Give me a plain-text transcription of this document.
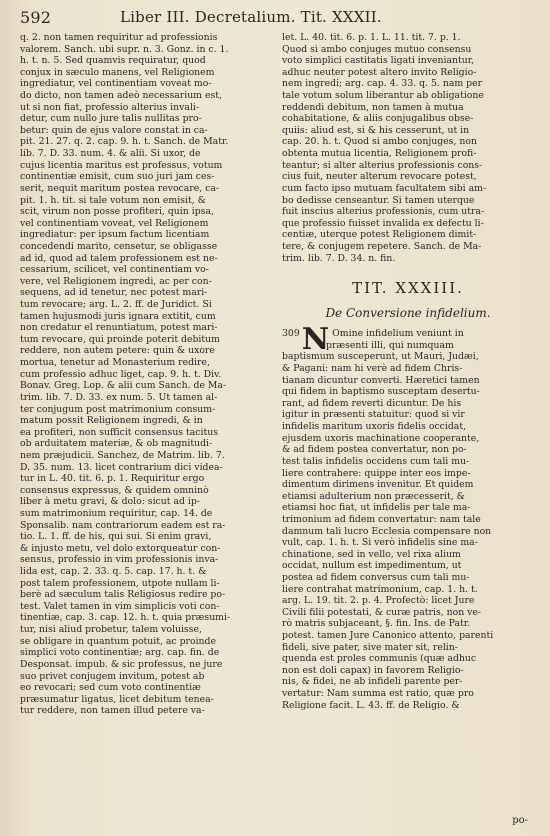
592	Liber III. Decretalium. Tit. XXXII.
q. 2. non tamen requiritur ad professionis
valorem. Sanch. ubi supr. n. 3. Gonz. in c. 1.
h. t. n. 5. Sed quamvis requiratur, quod
conjux in sæculo manens, vel Religionem
ingrediatur, vel continentiam voveat mo-
do dicto, non tamen adeò necessarium est,
ut si non fiat, professio alterius invali-
detur, cum nullo jure talis nullitas pro-
betur: quin de ejus valore constat in ca-
pit. 21. 27. q. 2. cap. 9. h. t. Sanch. de Matr.
lib. 7. D. 33. num. 4. & alii. Si uxor, de
cujus licentia maritus est professus, votum
continentiæ emisit, cum suo juri jam ces-
serit, nequit maritum postea revocare, ca-
pit. 1. h. tit. si tale votum non emisit, &
scit, virum non posse profiteri, quin ipsa,
vel continentiam voveat, vel Religionem
ingrediatur: per ipsum factum licentiam
concedendi marito, censetur, se obligasse
ad id, quod ad talem professionem est ne-
cessarium, scilicet, vel continentiam vo-
vere, vel Religionem ingredi, ac per con-
sequens, ad id tenetur, nec potest mari-
tum revocare; arg. L. 2. ff. de Juridict. Si
tamen hujusmodi juris ignara extitit, cum
non credatur el renuntiatum, potest mari-
tum revocare, qui proinde poterit debitum
reddere, non autem petere: quin & uxore
mortua, tenetur ad Monasterium redire,
cum professio adhuc liget, cap. 9. h. t. Div.
Bonav. Greg. Lop. & alii cum Sanch. de Ma-
trim. lib. 7. D. 33. ex num. 5. Ut tamen al-
ter conjugum post matrimonium consum-
matum possit Religionem ingredi, & in
ea profiteri, non sufficit consensus tacitus
ob arduitatem materiæ, & ob magnitudi-
nem præjudicii. Sanchez, de Matrim. lib. 7.
D. 35. num. 13. licet contrarium dici videa-
tur in L. 40. tit. 6. p. 1. Requiritur ergo
consensus expressus, & quidem omninò
liber à metu gravi, & dolo: sicut ad ip-
sum matrimonium requiritur, cap. 14. de
Sponsalib. nam contrariorum eadem est ra-
tio. L. 1. ff. de his, qui sui. Si enim gravi,
& injusto metu, vel dolo extorqueatur con-
sensus, professio in vim professionis inva-
lida est, cap. 2. 33. q. 5. cap. 17. h. t. &
post talem professionem, utpote nullam li-
berè ad sæculum talis Religiosus redire po-
test. Valet tamen in vim simplicis voti con-
tinentiæ, cap. 3. cap. 12. h. t. quia præsumi-
tur, nisi aliud probetur, talem voluisse,
se obligare in quantum potuit, ac proinde
simplici voto continentiæ; arg. cap. fin. de
Desponsat. impub. & sic professus, ne jure
suo privet conjugem invitum, potest ab
eo revocari; sed cum voto continentiæ
præsumatur ligatus, licet debitum tenea-
tur reddere, non tamen illud petere va-
let. L. 40. tit. 6. p. 1. L. 11. tit. 7. p. 1.
Quod si ambo conjuges mutuo consensu
voto simplici castitatis ligati inveniantur,
adhuc neuter potest altero invito Religio-
nem ingredi; arg. cap. 4. 33. q. 5. nam per
tale votum solum liberantur ab obligatione
reddendi debitum, non tamen à mutua
cohabitatione, & aliis conjugalibus obse-
quiis: aliud est, si & his cesserunt, ut in
cap. 20. h. t. Quod si ambo conjuges, non
obtenta mutua licentia, Religionem profi-
teantur; si alter alterius professionis cons-
cius fuit, neuter alterum revocare potest,
cum facto ipso mutuam facultatem sibi am-
bo dedisse censeantur. Si tamen uterque
fuit inscius alterius professionis, cum utra-
que professio fuisset invalida ex defectu li-
centiæ, uterque potest Religionem dimit-
tere, & conjugem repetere. Sanch. de Ma-
trim. lib. 7. D. 34. n. fin.
TIT. XXXIII.
De Conversione infidelium.
309N Omine infidelium veniunt in
præsenti illi, qui numquam
baptismum susceperunt, ut Mauri, Judæi,
& Pagani: nam hi verè ad fidem Chris-
tianam dicuntur converti. Hæretici tamen
qui fidem in baptismo susceptam desertu-
rant, ad fidem reverti dicuntur. De his
igitur in præsenti statuitur: quod si vir
infidelis maritum uxoris fidelis occidat,
ejusdem uxoris machinatione cooperante,
& ad fidem postea convertatur, non po-
test talis infidelis occidens cum tali mu-
liere contrahere: quippe inter eos impe-
dimentum dirimens invenitur. Et quidem
etiamsi adulterium non præcesserit, &
etiamsi hoc fiat, ut infidelis per tale ma-
trimonium ad fidem convertatur: nam tale
damnum tali lucro Ecclesia compensare non
vult, cap. 1. h. t. Si verò infidelis sine ma-
chinatione, sed in vello, vel rixa alium
occidat, nullum est impedimentum, ut
postea ad fidem conversus cum tali mu-
liere contrahat matrimonium, cap. 1. h. t.
arg. L. 19. tit. 2. p. 4. Profectò: licet Jure
Civili filii potestati, & curæ patris, non ve-
rò matris subjaceant, §. fin. Ins. de Patr.
potest. tamen Jure Canonico attento, parenti
fideli, sive pater, sive mater sit, relin-
quenda est proles communis (quæ adhuc
non est doli capax) in favorem Religio-
nis, & fidei, ne ab infideli parente per-
vertatur: Nam summa est ratio, quæ pro
Religione facit. L. 43. ff. de Religio. &
po-
